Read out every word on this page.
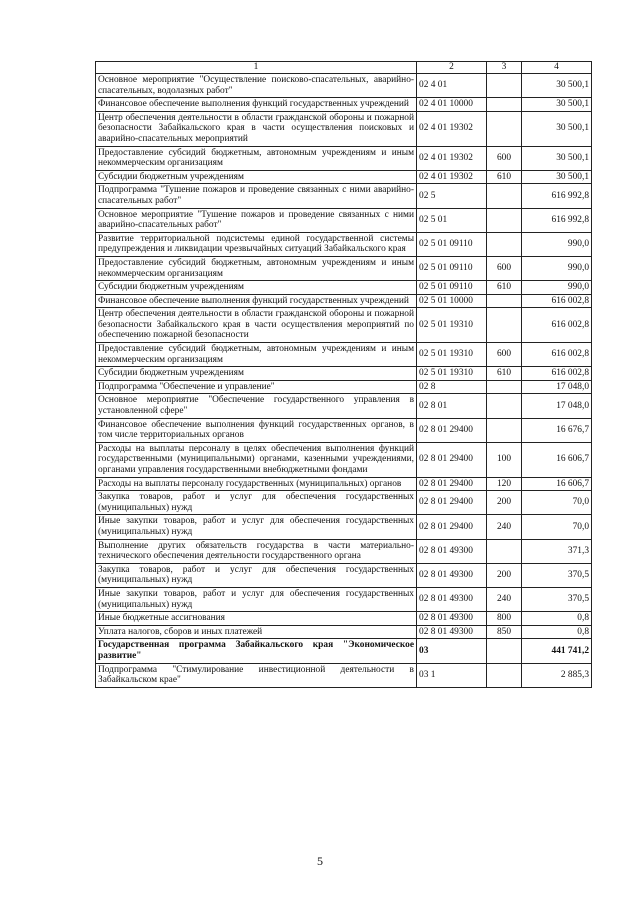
1	2	3	4
Основное мероприятие "Осуществление поисково-спасательных, аварийно-спасательных, водолазных работ"	02 4 01		30 500,1
Финансовое обеспечение выполнения функций государственных учреждений	02 4 01 10000		30 500,1
Центр обеспечения деятельности в области гражданской обороны и пожарной безопасности Забайкальского края в части осуществления поисковых и аварийно-спасательных мероприятий	02 4 01 19302		30 500,1
Предоставление субсидий бюджетным, автономным учреждениям и иным некоммерческим организациям	02 4 01 19302	600	30 500,1
Субсидии бюджетным учреждениям	02 4 01 19302	610	30 500,1
Подпрограмма "Тушение пожаров и проведение связанных с ними аварийно-спасательных работ"	02 5		616 992,8
Основное мероприятие "Тушение пожаров и проведение связанных с ними аварийно-спасательных работ"	02 5 01		616 992,8
Развитие территориальной подсистемы единой государственной системы предупреждения и ликвидации чрезвычайных ситуаций Забайкальского края	02 5 01 09110		990,0
Предоставление субсидий бюджетным, автономным учреждениям и иным некоммерческим организациям	02 5 01 09110	600	990,0
Субсидии бюджетным учреждениям	02 5 01 09110	610	990,0
Финансовое обеспечение выполнения функций государственных учреждений	02 5 01 10000		616 002,8
Центр обеспечения деятельности в области гражданской обороны и пожарной безопасности Забайкальского края в части осуществления мероприятий по обеспечению пожарной безопасности	02 5 01 19310		616 002,8
Предоставление субсидий бюджетным, автономным учреждениям и иным некоммерческим организациям	02 5 01 19310	600	616 002,8
Субсидии бюджетным учреждениям	02 5 01 19310	610	616 002,8
Подпрограмма "Обеспечение и управление"	02 8		17 048,0
Основное мероприятие "Обеспечение государственного управления в установленной сфере"	02 8 01		17 048,0
Финансовое обеспечение выполнения функций государственных органов, в том числе территориальных органов	02 8 01 29400		16 676,7
Расходы на выплаты персоналу в целях обеспечения выполнения функций государственными (муниципальными) органами, казенными учреждениями, органами управления государственными внебюджетными фондами	02 8 01 29400	100	16 606,7
Расходы на выплаты персоналу государственных (муниципальных) органов	02 8 01 29400	120	16 606,7
Закупка товаров, работ и услуг для обеспечения государственных (муниципальных) нужд	02 8 01 29400	200	70,0
Иные закупки товаров, работ и услуг для обеспечения государственных (муниципальных) нужд	02 8 01 29400	240	70,0
Выполнение других обязательств государства в части материально-технического обеспечения деятельности государственного органа	02 8 01 49300		371,3
Закупка товаров, работ и услуг для обеспечения государственных (муниципальных) нужд	02 8 01 49300	200	370,5
Иные закупки товаров, работ и услуг для обеспечения государственных (муниципальных) нужд	02 8 01 49300	240	370,5
Иные бюджетные ассигнования	02 8 01 49300	800	0,8
Уплата налогов, сборов и иных платежей	02 8 01 49300	850	0,8
Государственная программа Забайкальского края "Экономическое развитие"	03		441 741,2
Подпрограмма "Стимулирование инвестиционной деятельности в Забайкальском крае"	03 1		2 885,3
5
